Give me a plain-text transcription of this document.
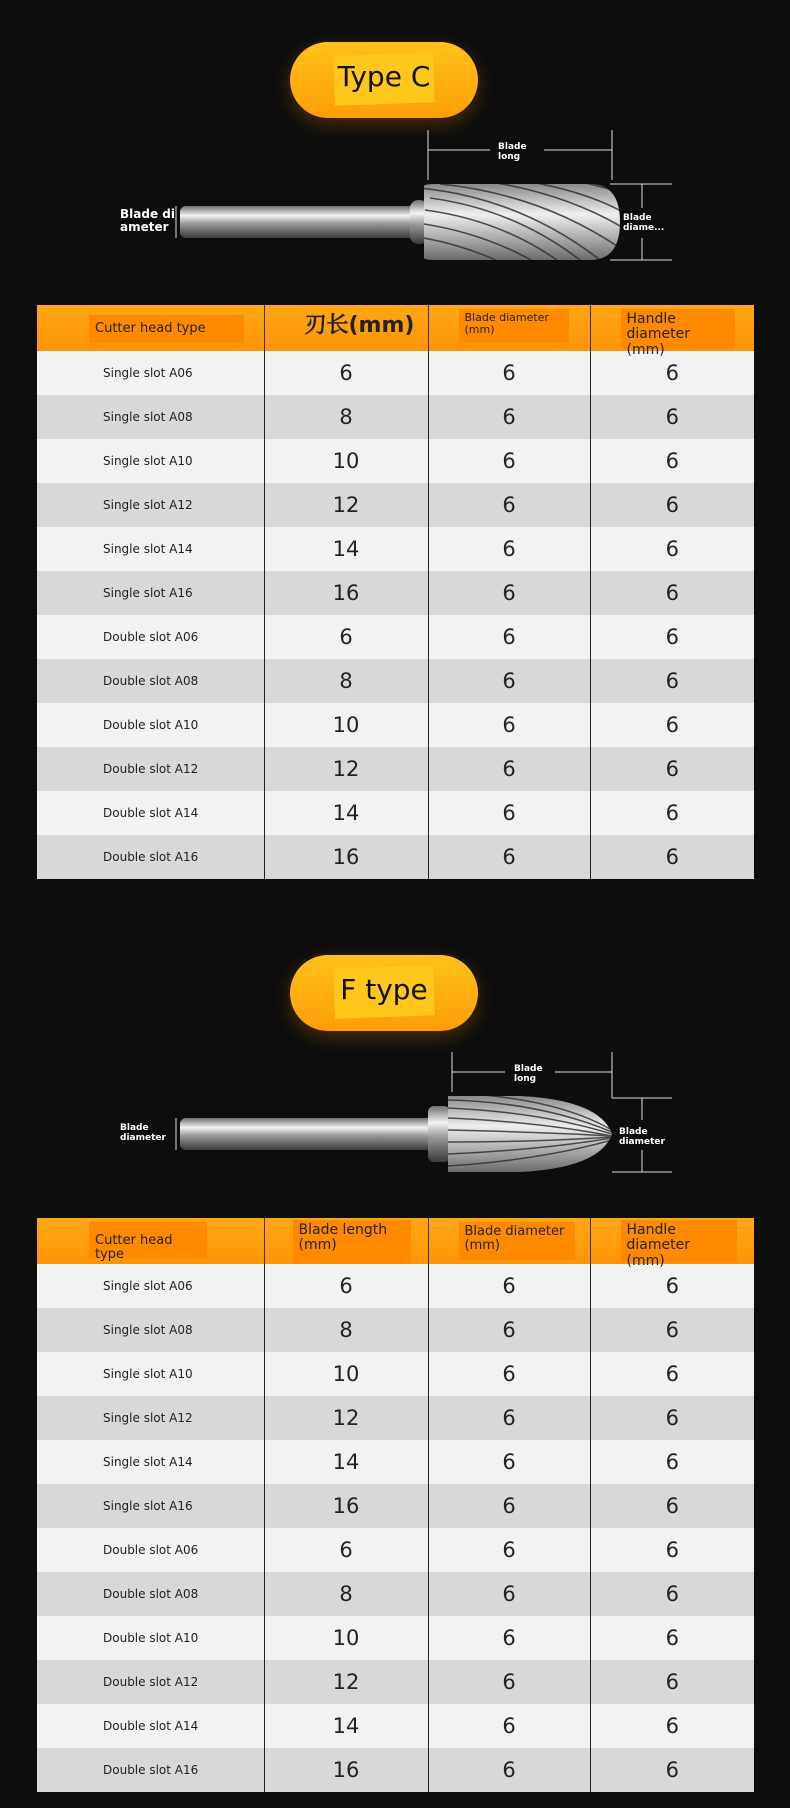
Type C
Blade long
Blade di ameter
Blade diame...
Cutter head type	刃长(mm)	Blade diameter (mm)	Handle diameter (mm)

Single slot A06	6	6	6
Single slot A08	8	6	6
Single slot A10	10	6	6
Single slot A12	12	6	6
Single slot A14	14	6	6
Single slot A16	16	6	6
Double slot A06	6	6	6
Double slot A08	8	6	6
Double slot A10	10	6	6
Double slot A12	12	6	6
Double slot A14	14	6	6
Double slot A16	16	6	6
F type
Blade long
Blade diameter
Blade diameter
Cutter head type	Blade length (mm)	Blade diameter (mm)	Handle diameter (mm)

Single slot A06	6	6	6
Single slot A08	8	6	6
Single slot A10	10	6	6
Single slot A12	12	6	6
Single slot A14	14	6	6
Single slot A16	16	6	6
Double slot A06	6	6	6
Double slot A08	8	6	6
Double slot A10	10	6	6
Double slot A12	12	6	6
Double slot A14	14	6	6
Double slot A16	16	6	6
